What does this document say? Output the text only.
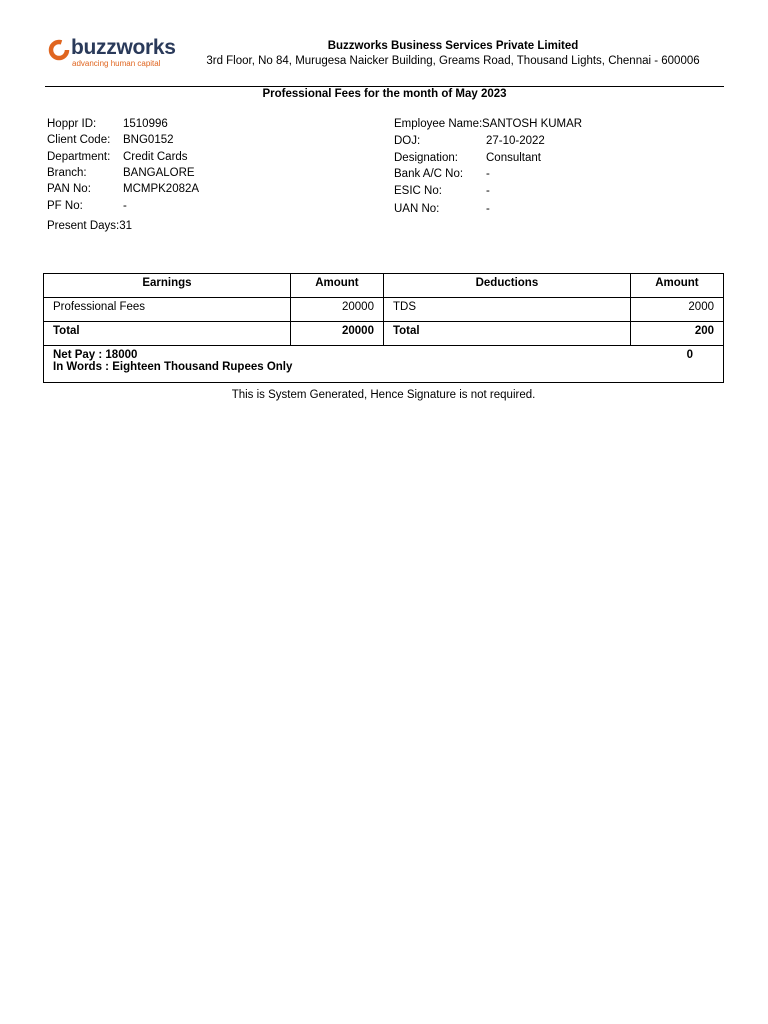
buzzworks
advancing human capital
Buzzworks Business Services Private Limited
3rd Floor, No 84, Murugesa Naicker Building, Greams Road, Thousand Lights, Chennai - 600006
Professional Fees for the month of May 2023
Hoppr ID: 1510996
Client Code: BNG0152
Department: Credit Cards
Branch:	BANGALORE
PAN No:	MCMPK2082A
PF No:	-
Present Days:31
Employee Name: SANTOSH KUMAR
DOJ:	27-10-2022
Designation: Consultant
Bank A/C No: -
ESIC No:	-
UAN No:	-
Earnings	Amount	Deductions	Amount
Professional Fees	20000	TDS	2000
Total	20000	Total	200

Net Pay : 18000
In Words : Eighteen Thousand Rupees Only
0			
This is System Generated, Hence Signature is not required.
